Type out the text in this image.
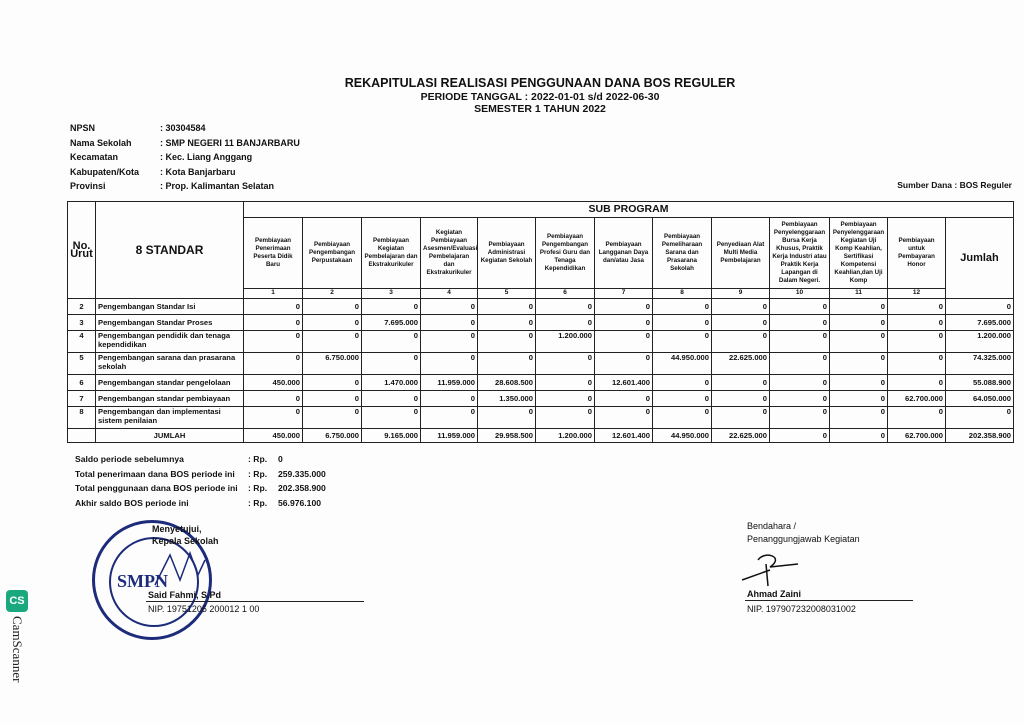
REKAPITULASI REALISASI PENGGUNAAN DANA BOS REGULER
PERIODE TANGGAL : 2022-01-01 s/d 2022-06-30
SEMESTER 1 TAHUN 2022
NPSN	: 30304584
Nama Sekolah	: SMP NEGERI 11 BANJARBARU
Kecamatan	: Kec. Liang Anggang
Kabupaten/Kota	: Kota Banjarbaru
Provinsi	: Prop. Kalimantan Selatan	Sumber Dana : BOS Reguler
No. Urut	8 STANDAR	SUB PROGRAM												
		Pembiayaan Penerimaan Peserta Didik Baru	Pembiayaan Pengembangan Perpustakaan	Pembiayaan Kegiatan Pembelajaran dan Ekstrakurikuler	Kegiatan Pembiayaan Asesmen/Evaluasi Pembelajaran dan Ekstrakurikuler	Pembiayaan Administrasi Kegiatan Sekolah	Pembiayaan Pengembangan Profesi Guru dan Tenaga Kependidikan	Pembiayaan Langganan Daya dan/atau Jasa	Pembiayaan Pemeliharaan Sarana dan Prasarana Sekolah	Penyediaan Alat Multi Media Pembelajaran	Pembiayaan Penyelenggaraan Bursa Kerja Khusus, Praktik Kerja Industri atau Praktik Kerja Lapangan di Dalam Negeri.	Pembiayaan Penyelenggaraan Kegiatan Uji Komp Keahlian, Sertifikasi Kompetensi Keahlian,dan Uji Komp	Pembiayaan untuk Pembayaran Honor	Jumlah
		1	2	3	4	5	6	7	8	9	10	11	12	
2	Pengembangan Standar Isi	0	0	0	0	0	0	0	0	0	0	0	0	0
3	Pengembangan Standar Proses	0	0	7.695.000	0	0	0	0	0	0	0	0	0	7.695.000
4	Pengembangan pendidik dan tenaga kependidikan	0	0	0	0	0	1.200.000	0	0	0	0	0	0	1.200.000
5	Pengembangan sarana dan prasarana sekolah	0	6.750.000	0	0	0	0	0	44.950.000	22.625.000	0	0	0	74.325.000
6	Pengembangan standar pengelolaan	450.000	0	1.470.000	11.959.000	28.608.500	0	12.601.400	0	0	0	0	0	55.088.900
7	Pengembangan standar pembiayaan	0	0	0	0	1.350.000	0	0	0	0	0	0	62.700.000	64.050.000
8	Pengembangan dan implementasi sistem penilaian	0	0	0	0	0	0	0	0	0	0	0	0	0
	JUMLAH	450.000	6.750.000	9.165.000	11.959.000	29.958.500	1.200.000	12.601.400	44.950.000	22.625.000	0	0	62.700.000	202.358.900
Saldo periode sebelumnya	: Rp.	0
Total penerimaan dana BOS periode ini	: Rp.	259.335.000
Total penggunaan dana BOS periode ini	: Rp.	202.358.900
Akhir saldo BOS periode ini	: Rp.	56.976.100
SMPN
Menyetujui,
Kepala Sekolah
Said Fahmi, S.Pd
NIP. 19751205 200012 1 00
Bendahara /
Penanggungjawab Kegiatan
Ahmad Zaini
NIP. 197907232008031002
CS
CamScanner
